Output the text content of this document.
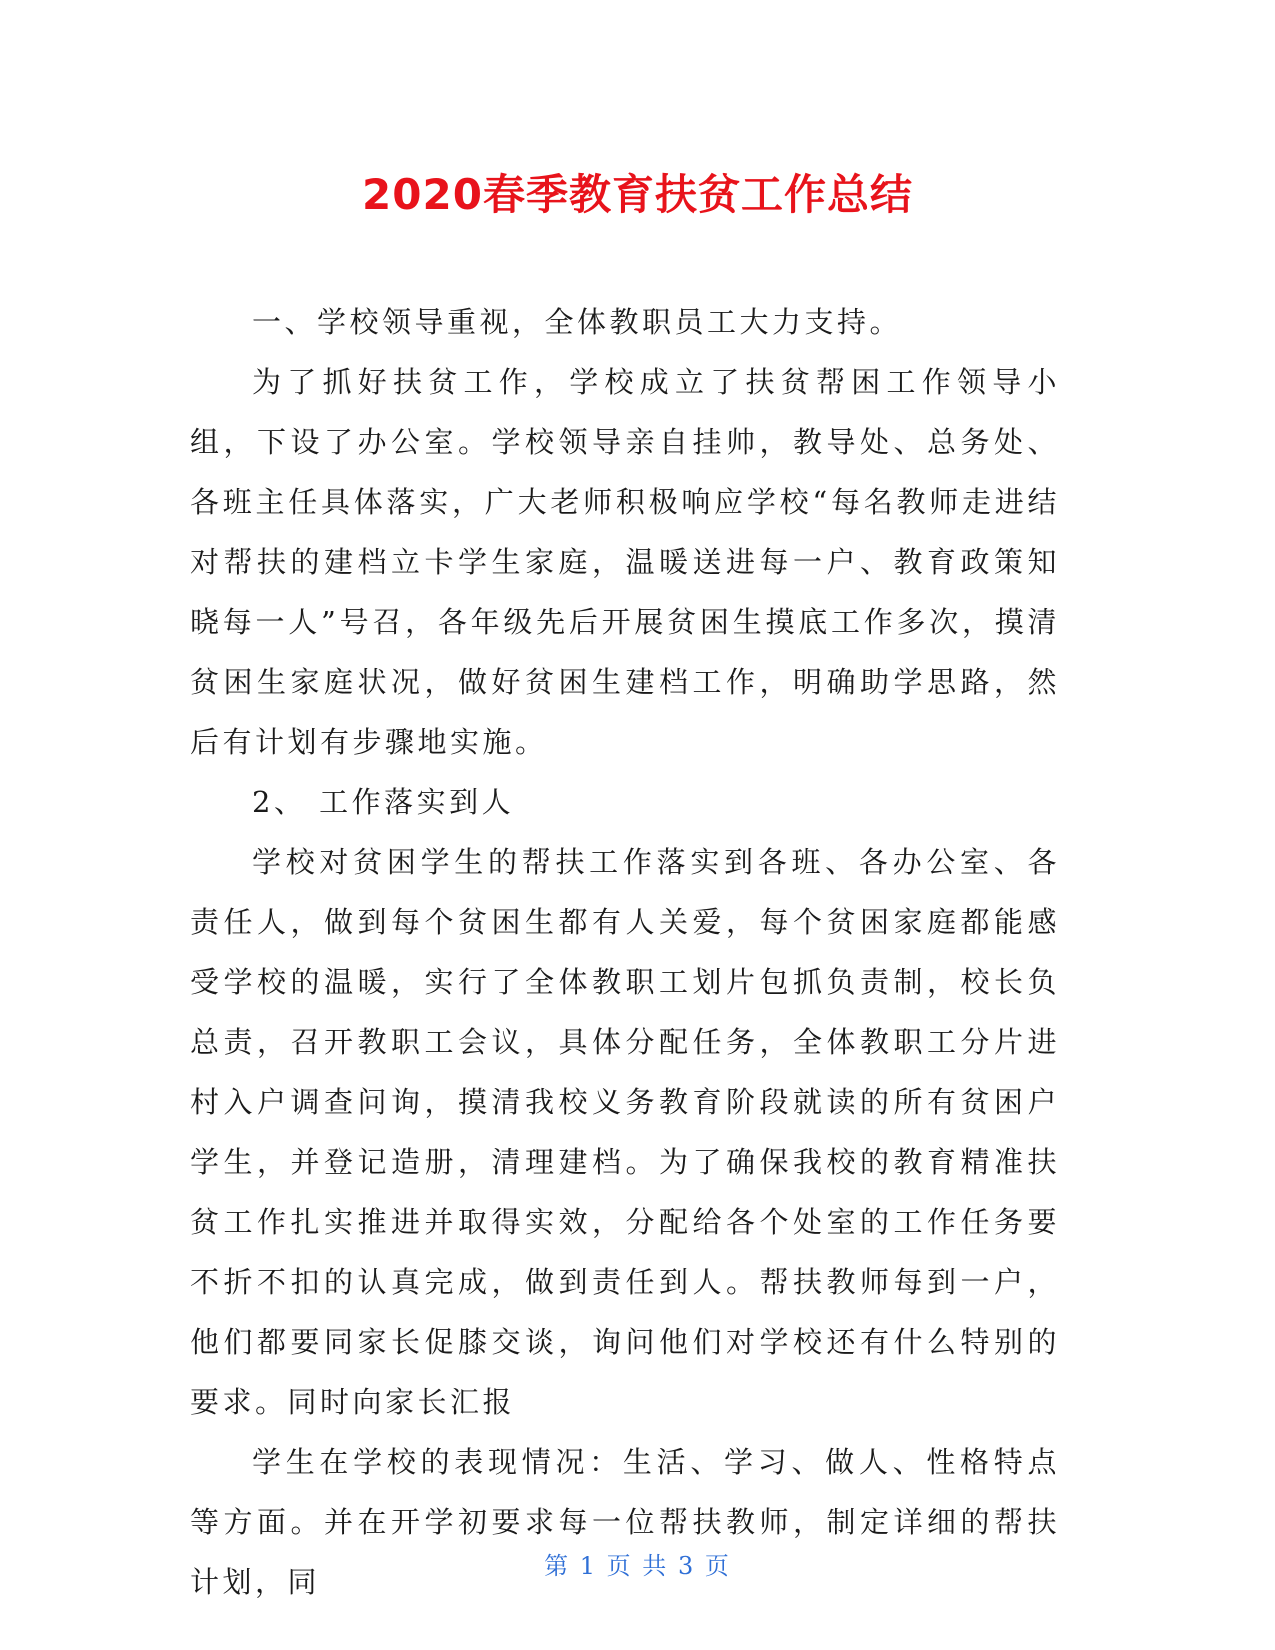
2020春季教育扶贫工作总结

一、学校领导重视，全体教职员工大力支持。

为了抓好扶贫工作，学校成立了扶贫帮困工作领导小组，下设了办公室。学校领导亲自挂帅，教导处、总务处、各班主任具体落实，广大老师积极响应学校“每名教师走进结对帮扶的建档立卡学生家庭，温暖送进每一户、教育政策知晓每一人”号召，各年级先后开展贫困生摸底工作多次，摸清贫困生家庭状况，做好贫困生建档工作，明确助学思路，然后有计划有步骤地实施。

2、 工作落实到人

学校对贫困学生的帮扶工作落实到各班、各办公室、各责任人，做到每个贫困生都有人关爱，每个贫困家庭都能感受学校的温暖，实行了全体教职工划片包抓负责制，校长负总责，召开教职工会议，具体分配任务，全体教职工分片进村入户调查问询，摸清我校义务教育阶段就读的所有贫困户学生，并登记造册，清理建档。为了确保我校的教育精准扶贫工作扎实推进并取得实效，分配给各个处室的工作任务要不折不扣的认真完成，做到责任到人。帮扶教师每到一户，他们都要同家长促膝交谈，询问他们对学校还有什么特别的要求。同时向家长汇报

学生在学校的表现情况：生活、学习、做人、性格特点等方面。并在开学初要求每一位帮扶教师，制定详细的帮扶计划，同	第 1 页 共 3 页
